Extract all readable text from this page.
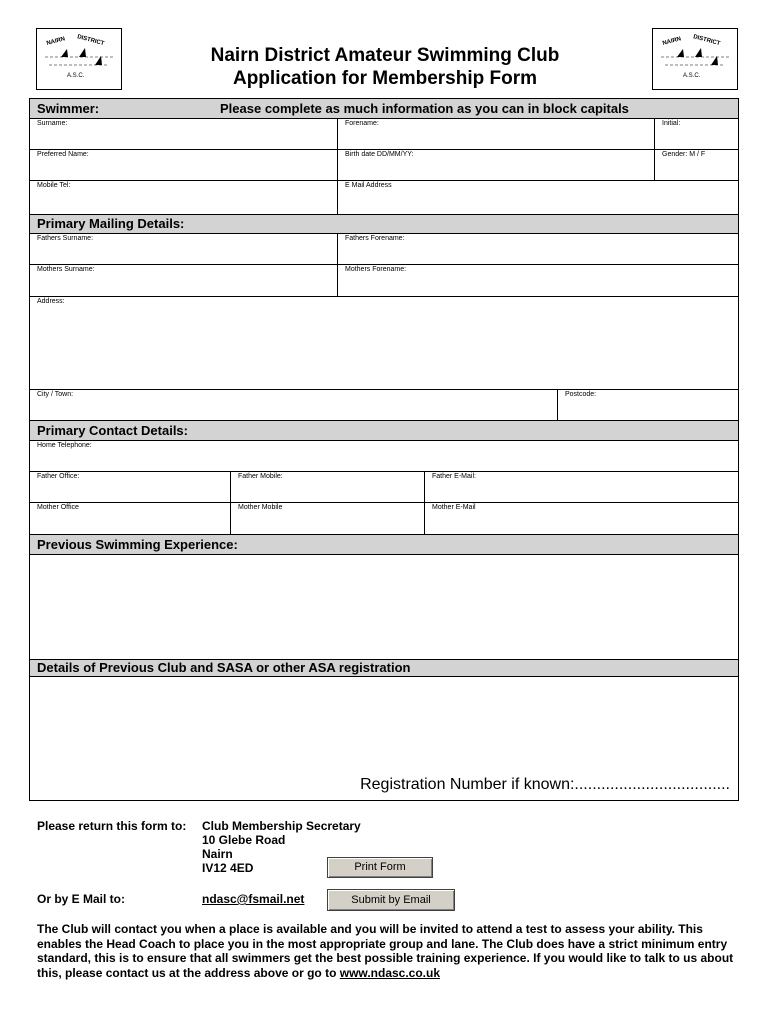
NAIRN DISTRICT
A.S.C.
NAIRN DISTRICT
A.S.C.
Nairn District Amateur Swimming Club
Application for Membership Form
Swimmer:	Please complete as much information as you can in block capitals
Surname:	Forename:	Initial:
Preferred Name:	Birth date DD/MM/YY:	Gender: M / F
Mobile Tel:	E Mail Address
Primary Mailing Details:
Fathers Surname:	Fathers Forename:
Mothers Surname:	Mothers Forename:
Address:
City / Town:	Postcode:
Primary Contact Details:
Home Telephone:
Father Office:	Father Mobile:	Father E-Mail:
Mother Office	Mother Mobile	Mother E-Mail
Previous Swimming Experience:
Details of Previous Club and SASA or other ASA registration
Registration Number if known:...................................
Please return this form to: Club Membership Secretary
10 Glebe Road
Nairn
IV12 4ED	Print Form
Or by E Mail to:	ndasc@fsmail.net	Submit by Email
The Club will contact you when a place is available and you will be invited to attend a test to assess your ability. This enables the Head Coach to place you in the most appropriate group and lane. The Club does have a strict minimum entry standard, this is to ensure that all swimmers get the best possible training experience. If you would like to talk to us about this, please contact us at the address above or go to www.ndasc.co.uk
